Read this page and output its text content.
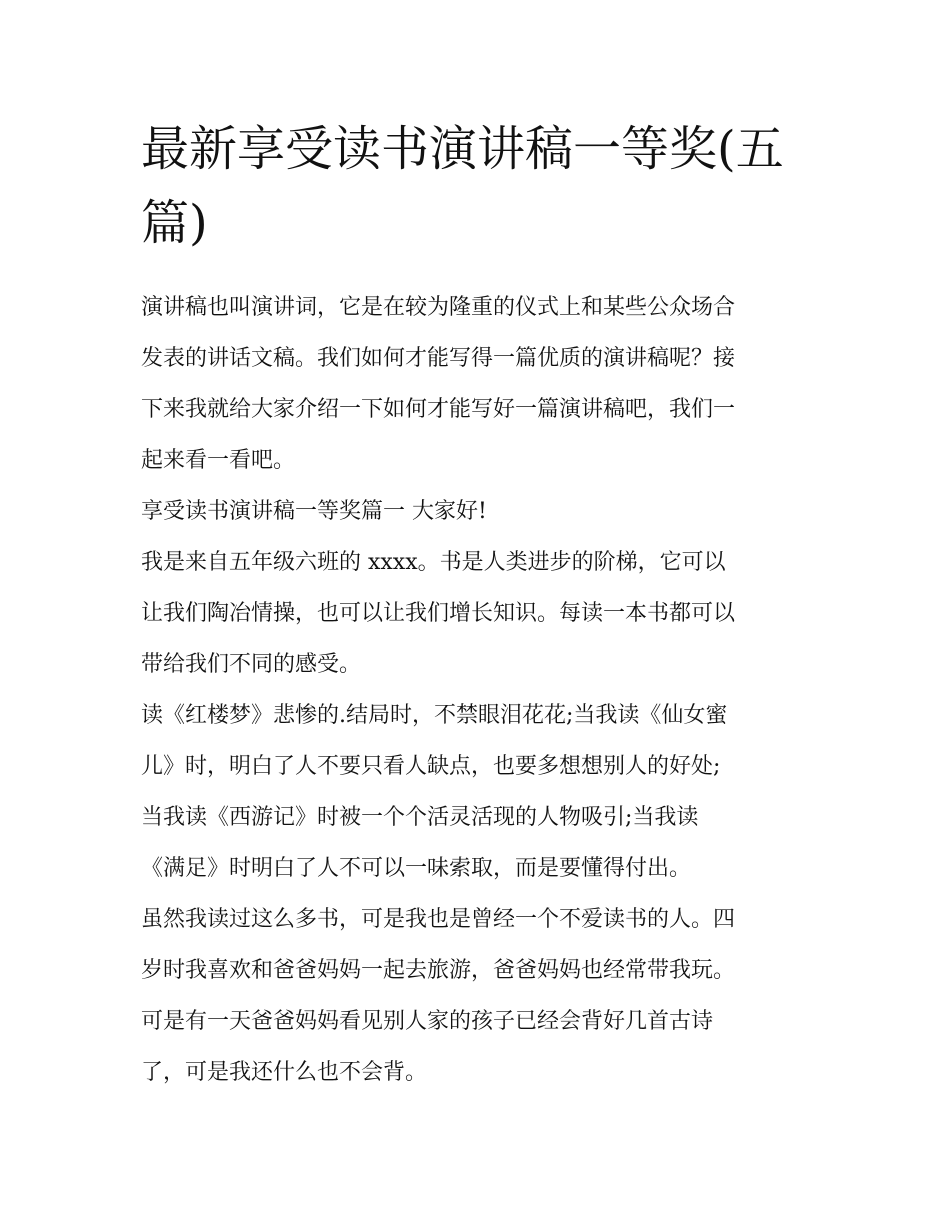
最新享受读书演讲稿一等奖(五
篇)

演讲稿也叫演讲词，它是在较为隆重的仪式上和某些公众场合
发表的讲话文稿。我们如何才能写得一篇优质的演讲稿呢？接
下来我就给大家介绍一下如何才能写好一篇演讲稿吧，我们一
起来看一看吧。

享受读书演讲稿一等奖篇一 大家好!

我是来自五年级六班的 xxxx。书是人类进步的阶梯，它可以
让我们陶冶情操，也可以让我们增长知识。每读一本书都可以
带给我们不同的感受。

读《红楼梦》悲惨的.结局时，不禁眼泪花花;当我读《仙女蜜
儿》时，明白了人不要只看人缺点，也要多想想别人的好处;
当我读《西游记》时被一个个活灵活现的人物吸引;当我读
《满足》时明白了人不可以一味索取，而是要懂得付出。

虽然我读过这么多书，可是我也是曾经一个不爱读书的人。四
岁时我喜欢和爸爸妈妈一起去旅游，爸爸妈妈也经常带我玩。
可是有一天爸爸妈妈看见别人家的孩子已经会背好几首古诗
了，可是我还什么也不会背。
